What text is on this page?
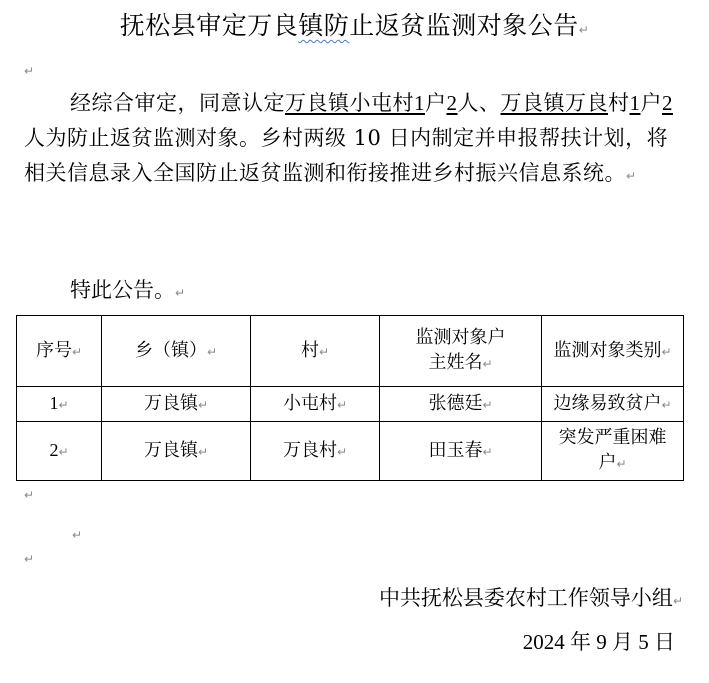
抚松县审定万良镇防止返贫监测对象公告↵
↵
经综合审定，同意认定万良镇小屯村1户2人、万良镇万良村1户2人为防止返贫监测对象。乡村两级 10 日内制定并申报帮扶计划，将相关信息录入全国防止返贫监测和衔接推进乡村振兴信息系统。↵
特此公告。↵
序号↵	乡（镇）↵	村↵	监测对象户主姓名↵	监测对象类别↵
1↵	万良镇↵	小屯村↵	张德廷↵	边缘易致贫户↵
2↵	万良镇↵	万良村↵	田玉春↵	突发严重困难户↵
↵
↵
↵
中共抚松县委农村工作领导小组↵
2024 年 9 月 5 日
